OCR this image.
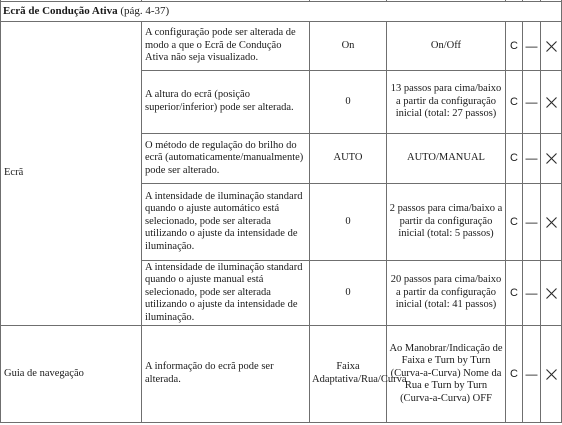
Ecrã de Condução Ativa (pág. 4-37)						
Ecrã	A configuração pode ser alterada de modo a que o Ecrã de Condução Ativa não seja visualizado.	On	On/Off	C	—	

	A altura do ecrã (posição superior/inferior) pode ser alterada.	0	13 passos para cima/baixo a partir da configuração inicial (total: 27 passos)	C	—	

	O método de regulação do brilho do ecrã (automaticamente/manualmente) pode ser alterado.	AUTO	AUTO/MANUAL	C	—	

	A intensidade de iluminação standard quando o ajuste automático está selecionado, pode ser alterada utilizando o ajuste da intensidade de iluminação.	0	2 passos para cima/baixo a partir da configuração inicial (total: 5 passos)	C	—	

	A intensidade de iluminação standard quando o ajuste manual está selecionado, pode ser alterada utilizando o ajuste da intensidade de iluminação.	0	20 passos para cima/baixo a partir da configuração inicial (total: 41 passos)	C	—	

Guia de navegação	A informação do ecrã pode ser alterada.	Faixa Adaptativa/Rua/Curva	Ao Manobrar/Indicação de Faixa e Turn by Turn (Curva-a-Curva) Nome da Rua e Turn by Turn (Curva-a-Curva) OFF	C	—	
